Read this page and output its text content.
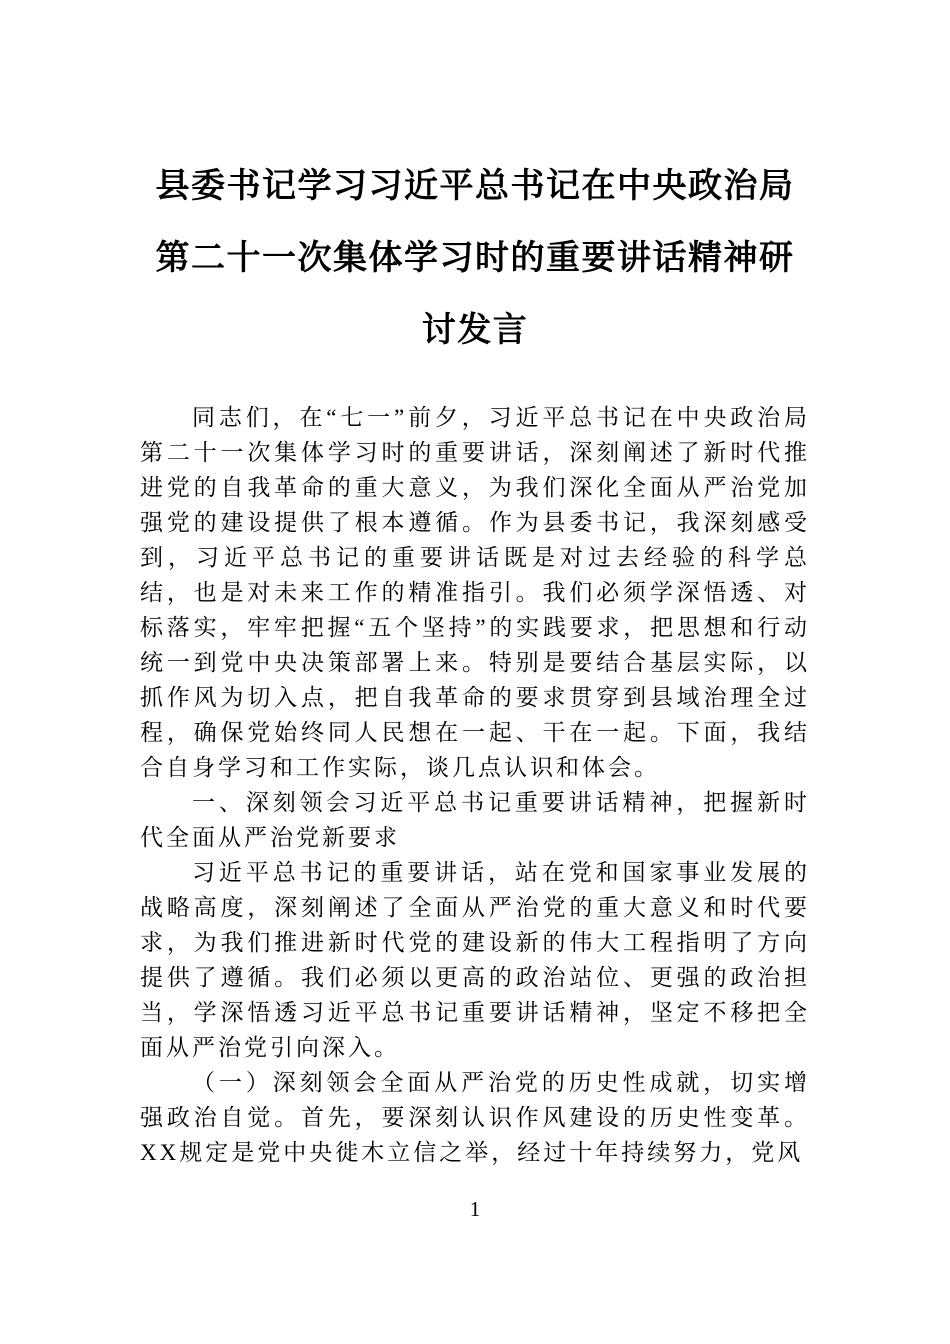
县委书记学习习近平总书记在中央政治局
第二十一次集体学习时的重要讲话精神研
讨发言

同志们，在“七一”前夕，习近平总书记在中央政治局第二十一次集体学习时的重要讲话，深刻阐述了新时代推进党的自我革命的重大意义，为我们深化全面从严治党加强党的建设提供了根本遵循。作为县委书记，我深刻感受到，习近平总书记的重要讲话既是对过去经验的科学总结，也是对未来工作的精准指引。我们必须学深悟透、对标落实，牢牢把握“五个坚持”的实践要求，把思想和行动统一到党中央决策部署上来。特别是要结合基层实际，以抓作风为切入点，把自我革命的要求贯穿到县域治理全过程，确保党始终同人民想在一起、干在一起。下面，我结合自身学习和工作实际，谈几点认识和体会。

一、深刻领会习近平总书记重要讲话精神，把握新时代全面从严治党新要求

习近平总书记的重要讲话，站在党和国家事业发展的战略高度，深刻阐述了全面从严治党的重大意义和时代要求，为我们推进新时代党的建设新的伟大工程指明了方向提供了遵循。我们必须以更高的政治站位、更强的政治担当，学深悟透习近平总书记重要讲话精神，坚定不移把全面从严治党引向深入。

（一）深刻领会全面从严治党的历史性成就，切实增强政治自觉。首先，要深刻认识作风建设的历史性变革。XX规定是党中央徙木立信之举，经过十年持续努力，党风

1
